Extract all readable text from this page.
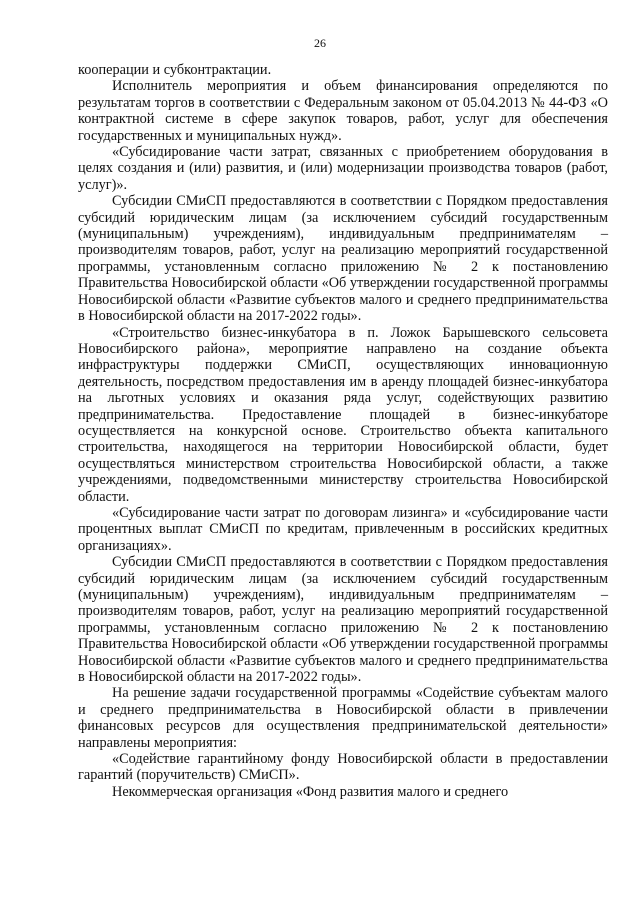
26

кооперации и субконтрактации.

Исполнитель мероприятия и объем финансирования определяются по результатам торгов в соответствии с Федеральным законом от 05.04.2013 № 44-ФЗ «О контрактной системе в сфере закупок товаров, работ, услуг для обеспечения государственных и муниципальных нужд».

«Субсидирование части затрат, связанных с приобретением оборудования в целях создания и (или) развития, и (или) модернизации производства товаров (работ, услуг)».

Субсидии СМиСП предоставляются в соответствии с Порядком предоставления субсидий юридическим лицам (за исключением субсидий государственным (муниципальным) учреждениям), индивидуальным предпринимателям – производителям товаров, работ, услуг на реализацию мероприятий государственной программы, установленным согласно приложению № 2 к постановлению Правительства Новосибирской области «Об утверждении государственной программы Новосибирской области «Развитие субъектов малого и среднего предпринимательства в Новосибирской области на 2017-2022 годы».

«Строительство бизнес-инкубатора в п. Ложок Барышевского сельсовета Новосибирского района», мероприятие направлено на создание объекта инфраструктуры поддержки СМиСП, осуществляющих инновационную деятельность, посредством предоставления им в аренду площадей бизнес-инкубатора на льготных условиях и оказания ряда услуг, содействующих развитию предпринимательства. Предоставление площадей в бизнес-инкубаторе осуществляется на конкурсной основе. Строительство объекта капитального строительства, находящегося на территории Новосибирской области, будет осуществляться министерством строительства Новосибирской области, а также учреждениями, подведомственными министерству строительства Новосибирской области.

«Субсидирование части затрат по договорам лизинга» и «субсидирование части процентных выплат СМиСП по кредитам, привлеченным в российских кредитных организациях».

Субсидии СМиСП предоставляются в соответствии с Порядком предоставления субсидий юридическим лицам (за исключением субсидий государственным (муниципальным) учреждениям), индивидуальным предпринимателям – производителям товаров, работ, услуг на реализацию мероприятий государственной программы, установленным согласно приложению № 2 к постановлению Правительства Новосибирской области «Об утверждении государственной программы Новосибирской области «Развитие субъектов малого и среднего предпринимательства в Новосибирской области на 2017-2022 годы».

На решение задачи государственной программы «Содействие субъектам малого и среднего предпринимательства в Новосибирской области в привлечении финансовых ресурсов для осуществления предпринимательской деятельности» направлены мероприятия:

«Содействие гарантийному фонду Новосибирской области в предоставлении гарантий (поручительств) СМиСП».

Некоммерческая организация «Фонд развития малого и среднего
